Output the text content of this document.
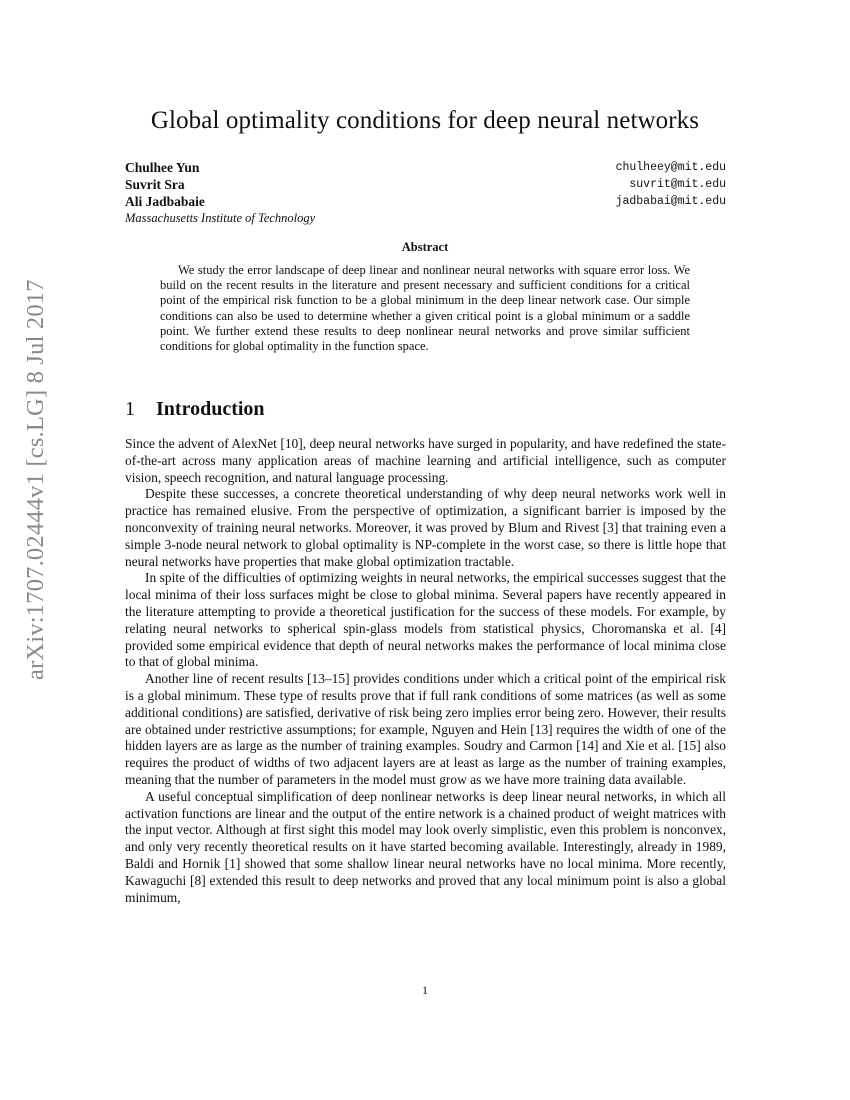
arXiv:1707.02444v1 [cs.LG] 8 Jul 2017
Global optimality conditions for deep neural networks
Chulhee Yun	chulheey@mit.edu
Suvrit Sra	suvrit@mit.edu
Ali Jadbabaie	jadbabai@mit.edu
Massachusetts Institute of Technology
Abstract

We study the error landscape of deep linear and nonlinear neural networks with square error loss. We build on the recent results in the literature and present necessary and sufficient conditions for a critical point of the empirical risk function to be a global minimum in the deep linear network case. Our simple conditions can also be used to determine whether a given critical point is a global minimum or a saddle point. We further extend these results to deep nonlinear neural networks and prove similar sufficient conditions for global optimality in the function space.

1 Introduction

Since the advent of AlexNet [10], deep neural networks have surged in popularity, and have redefined the state-of-the-art across many application areas of machine learning and artificial intelligence, such as computer vision, speech recognition, and natural language processing.

Despite these successes, a concrete theoretical understanding of why deep neural networks work well in practice has remained elusive. From the perspective of optimization, a significant barrier is imposed by the nonconvexity of training neural networks. Moreover, it was proved by Blum and Rivest [3] that training even a simple 3-node neural network to global optimality is NP-complete in the worst case, so there is little hope that neural networks have properties that make global optimization tractable.

In spite of the difficulties of optimizing weights in neural networks, the empirical successes suggest that the local minima of their loss surfaces might be close to global minima. Several papers have recently appeared in the literature attempting to provide a theoretical justification for the success of these models. For example, by relating neural networks to spherical spin-glass models from statistical physics, Choromanska et al. [4] provided some empirical evidence that depth of neural networks makes the performance of local minima close to that of global minima.

Another line of recent results [13–15] provides conditions under which a critical point of the empirical risk is a global minimum. These type of results prove that if full rank conditions of some matrices (as well as some additional conditions) are satisfied, derivative of risk being zero implies error being zero. However, their results are obtained under restrictive assumptions; for example, Nguyen and Hein [13] requires the width of one of the hidden layers are as large as the number of training examples. Soudry and Carmon [14] and Xie et al. [15] also requires the product of widths of two adjacent layers are at least as large as the number of training examples, meaning that the number of parameters in the model must grow as we have more training data available.

A useful conceptual simplification of deep nonlinear networks is deep linear neural networks, in which all activation functions are linear and the output of the entire network is a chained product of weight matrices with the input vector. Although at first sight this model may look overly simplistic, even this problem is nonconvex, and only very recently theoretical results on it have started becoming available. Interestingly, already in 1989, Baldi and Hornik [1] showed that some shallow linear neural networks have no local minima. More recently, Kawaguchi [8] extended this result to deep networks and proved that any local minimum point is also a global minimum,

1
